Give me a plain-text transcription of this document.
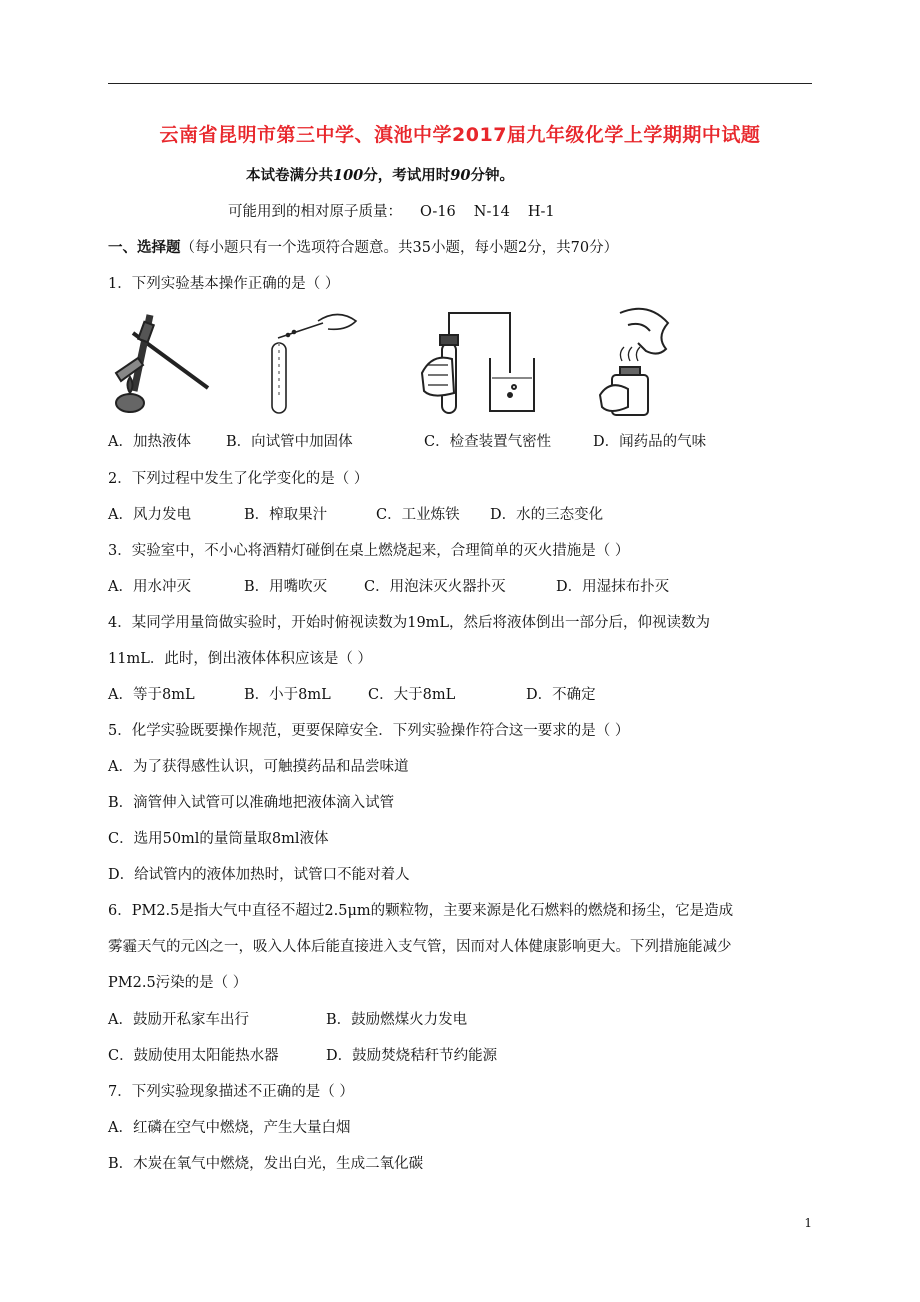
云南省昆明市第三中学、滇池中学2017届九年级化学上学期期中试题
本试卷满分共100分，考试用时90分钟。
可能用到的相对原子质量： O-16 N-14 H-1
一、选择题（每小题只有一个选项符合题意。共35小题，每小题2分，共70分）
1．下列实验基本操作正确的是（ ）
A．加热液体 B．向试管中加固体	C．检查装置气密性	D．闻药品的气味
2．下列过程中发生了化学变化的是（ ）
A．风力发电	B．榨取果汁	C．工业炼铁 D．水的三态变化
3．实验室中，不小心将酒精灯碰倒在桌上燃烧起来，合理简单的灭火措施是（ ）
A．用水冲灭	B．用嘴吹灭	C．用泡沫灭火器扑灭	D．用湿抹布扑灭
4．某同学用量筒做实验时，开始时俯视读数为19mL，然后将液体倒出一部分后，仰视读数为
11mL．此时，倒出液体体积应该是（ ）
A．等于8mL	B．小于8mL	C．大于8mL	D．不确定
5．化学实验既要操作规范，更要保障安全．下列实验操作符合这一要求的是（ ）
A．为了获得感性认识，可触摸药品和品尝味道
B．滴管伸入试管可以准确地把液体滴入试管
C．选用50ml的量筒量取8ml液体
D．给试管内的液体加热时，试管口不能对着人
6．PM2.5是指大气中直径不超过2.5μm的颗粒物，主要来源是化石燃料的燃烧和扬尘，它是造成
雾霾天气的元凶之一，吸入人体后能直接进入支气管，因而对人体健康影响更大。下列措施能减少
PM2.5污染的是（ ）
A．鼓励开私家车出行	B．鼓励燃煤火力发电
C．鼓励使用太阳能热水器	D．鼓励焚烧秸秆节约能源
7．下列实验现象描述不正确的是（ ）
A．红磷在空气中燃烧，产生大量白烟
B．木炭在氧气中燃烧，发出白光，生成二氧化碳
1
